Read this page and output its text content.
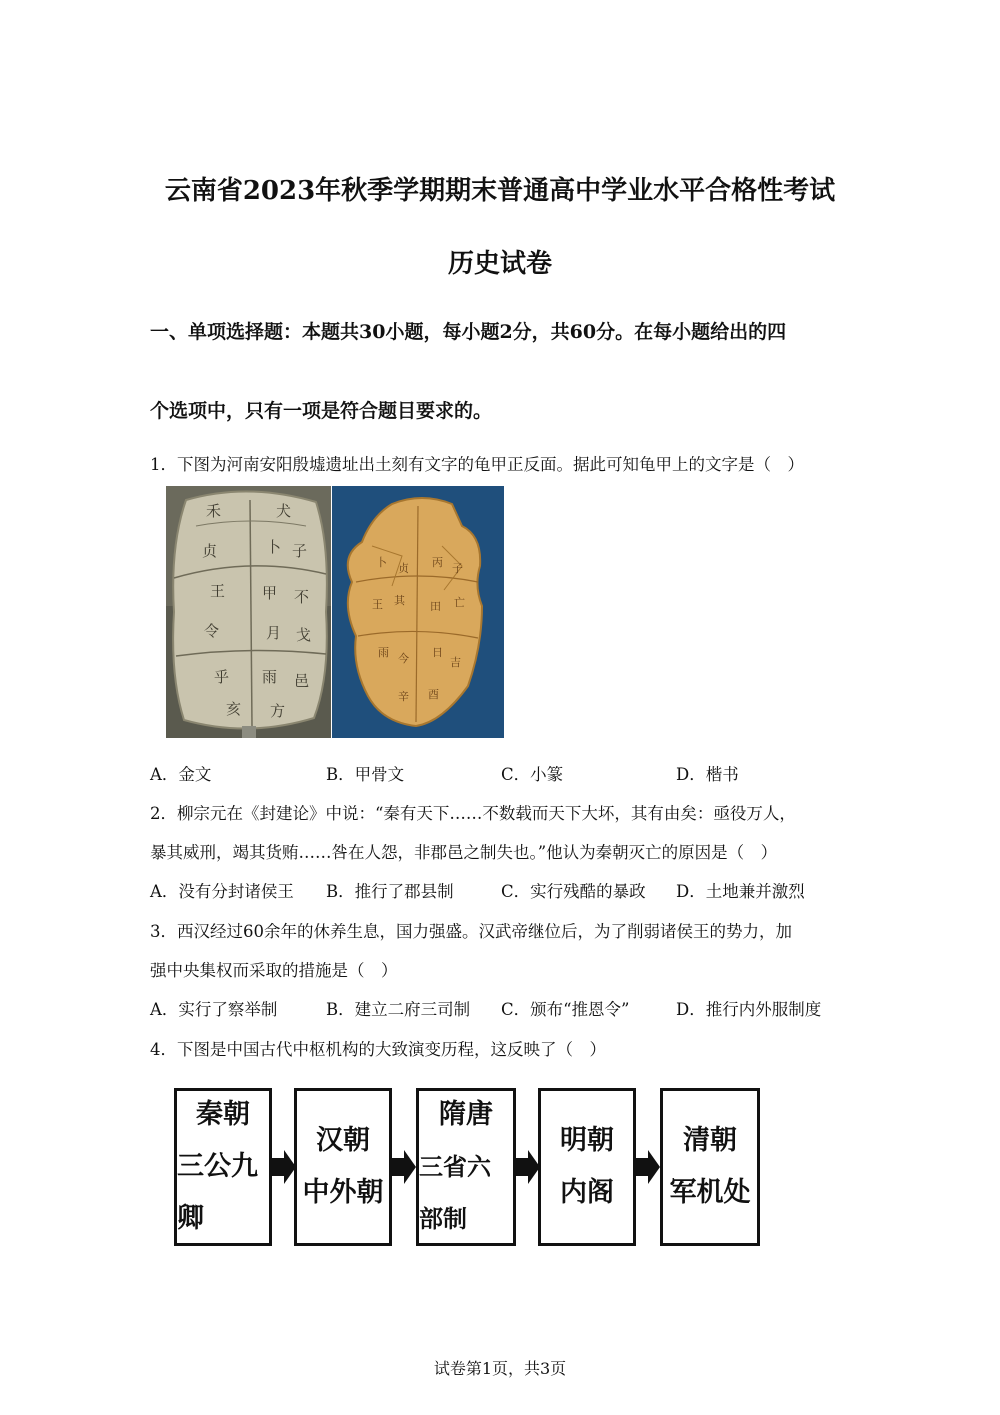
云南省2023年秋季学期期末普通高中学业水平合格性考试
历史试卷
一、单项选择题：本题共30小题，每小题2分，共60分。在每小题给出的四
个选项中，只有一项是符合题目要求的。
1．下图为河南安阳殷墟遗址出土刻有文字的龟甲正反面。据此可知龟甲上的文字是（　）
禾	犬
贞	卜 子
王 甲 不
令	月 戈
乎 雨 邑
亥 方
卜 贞 丙 子
王 其 田 亡
雨 今 日
吉
辛 酉
A．金文	B．甲骨文	C．小篆	D．楷书
2．柳宗元在《封建论》中说：“秦有天下……不数载而天下大坏，其有由矣：亟役万人，
暴其威刑，竭其货贿……咎在人怨，非郡邑之制失也。”他认为秦朝灭亡的原因是（　）
A．没有分封诸侯王 B．推行了郡县制	C．实行残酷的暴政 D．土地兼并激烈
3．西汉经过60余年的休养生息，国力强盛。汉武帝继位后，为了削弱诸侯王的势力，加
强中央集权而采取的措施是（　）
A．实行了察举制	B．建立二府三司制 C．颁布“推恩令”	D．推行内外服制度
4．下图是中国古代中枢机构的大致演变历程，这反映了（　）
秦朝
三公九卿
汉朝
中外朝
隋唐
三省六部制
明朝
内阁
清朝
军机处
试卷第1页，共3页
